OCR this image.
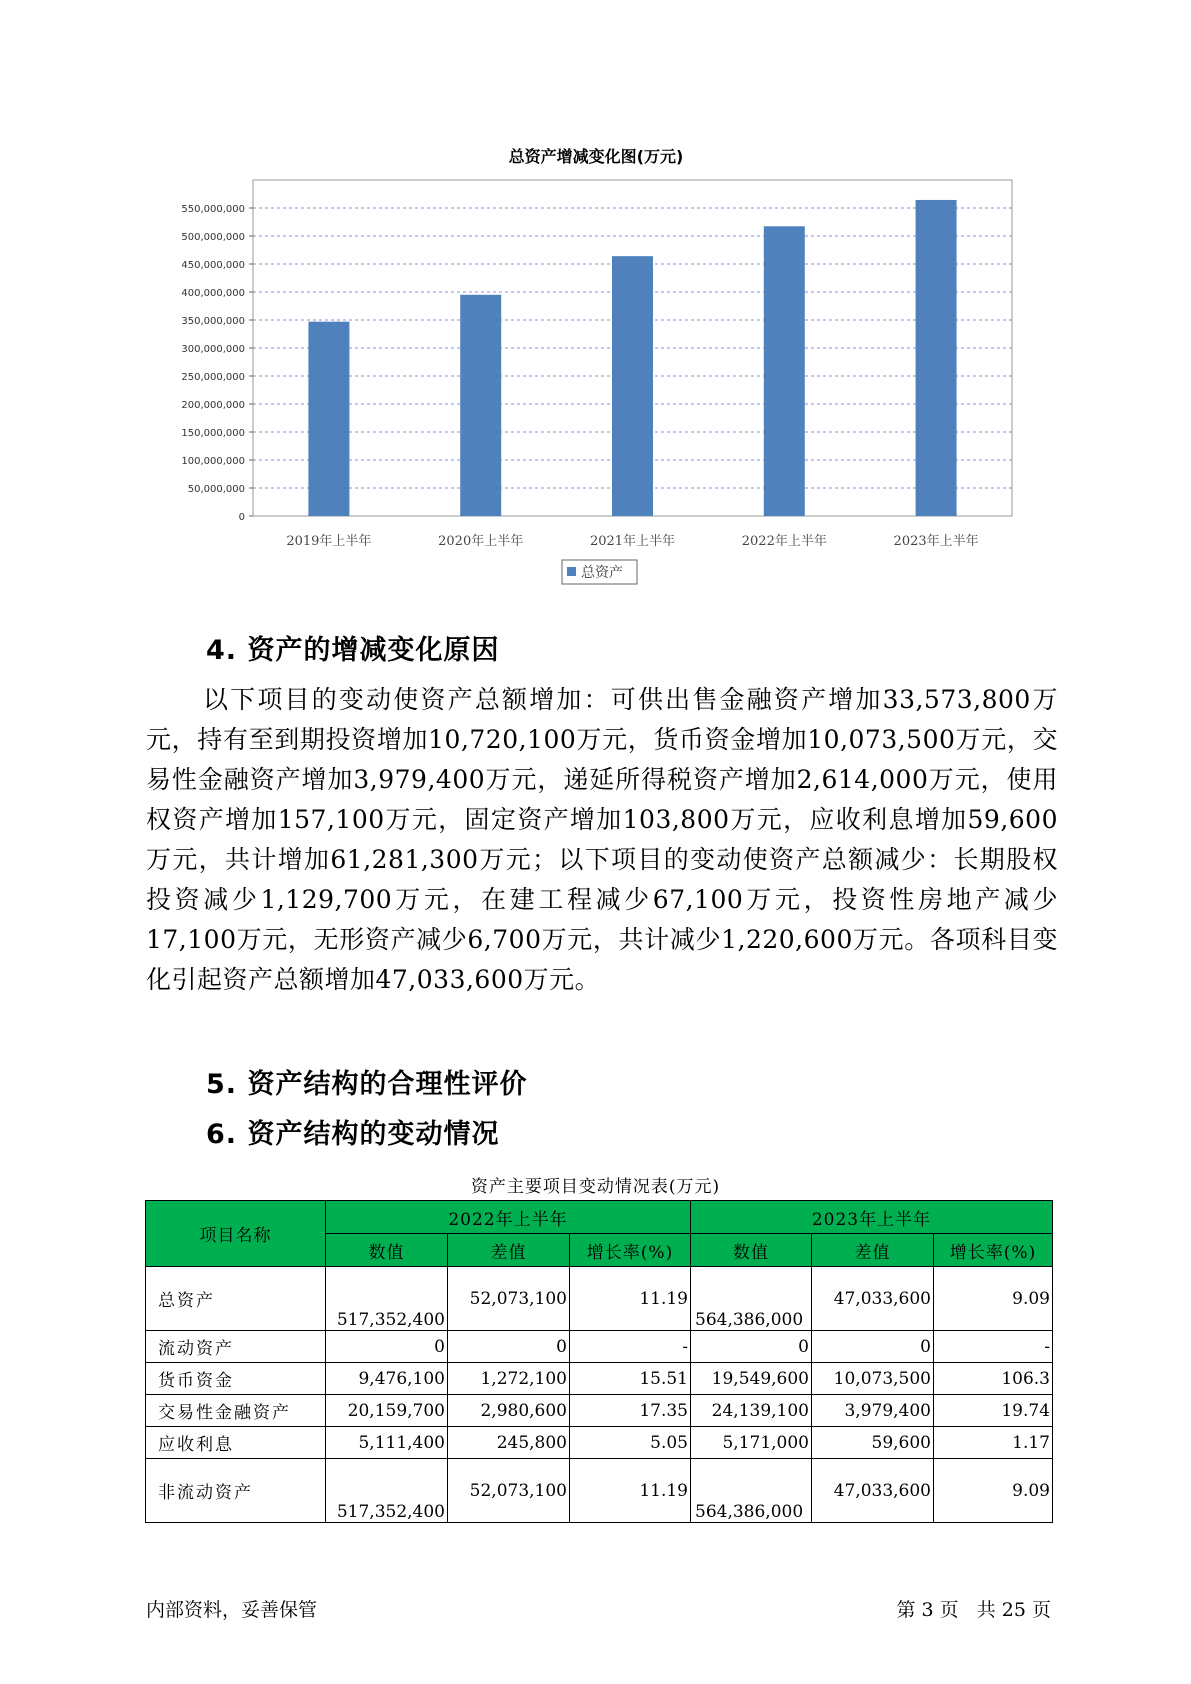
总资产增减变化图(万元)
0
50,000,000
100,000,000
150,000,000
200,000,000
250,000,000
300,000,000
350,000,000
400,000,000
450,000,000
500,000,000
550,000,000
2019年上半年	2020年上半年	2021年上半年	2022年上半年	2023年上半年
总资产
4. 资产的增减变化原因
以下项目的变动使资产总额增加：可供出售金融资产增加33,573,800万元，持有至到期投资增加10,720,100万元，货币资金增加10,073,500万元，交易性金融资产增加3,979,400万元，递延所得税资产增加2,614,000万元，使用权资产增加157,100万元，固定资产增加103,800万元，应收利息增加59,600万元，共计增加61,281,300万元；以下项目的变动使资产总额减少：长期股权投资减少1,129,700万元，在建工程减少67,100万元，投资性房地产减少17,100万元，无形资产减少6,700万元，共计减少1,220,600万元。各项科目变化引起资产总额增加47,033,600万元。
5. 资产结构的合理性评价
6. 资产结构的变动情况
资产主要项目变动情况表(万元)
项目名称	2022年上半年			2023年上半年		
	数值	差值	增长率(%)	数值	差值	增长率(%)
总资产	517,352,400	52,073,100	11.19	564,386,000	47,033,600	9.09
流动资产	0	0	-	0	0	-
货币资金	9,476,100	1,272,100	15.51	19,549,600	10,073,500	106.3
交易性金融资产	20,159,700	2,980,600	17.35	24,139,100	3,979,400	19.74
应收利息	5,111,400	245,800	5.05	5,171,000	59,600	1.17
非流动资产	517,352,400	52,073,100	11.19	564,386,000	47,033,600	9.09
内部资料，妥善保管	第 3 页   共 25 页
